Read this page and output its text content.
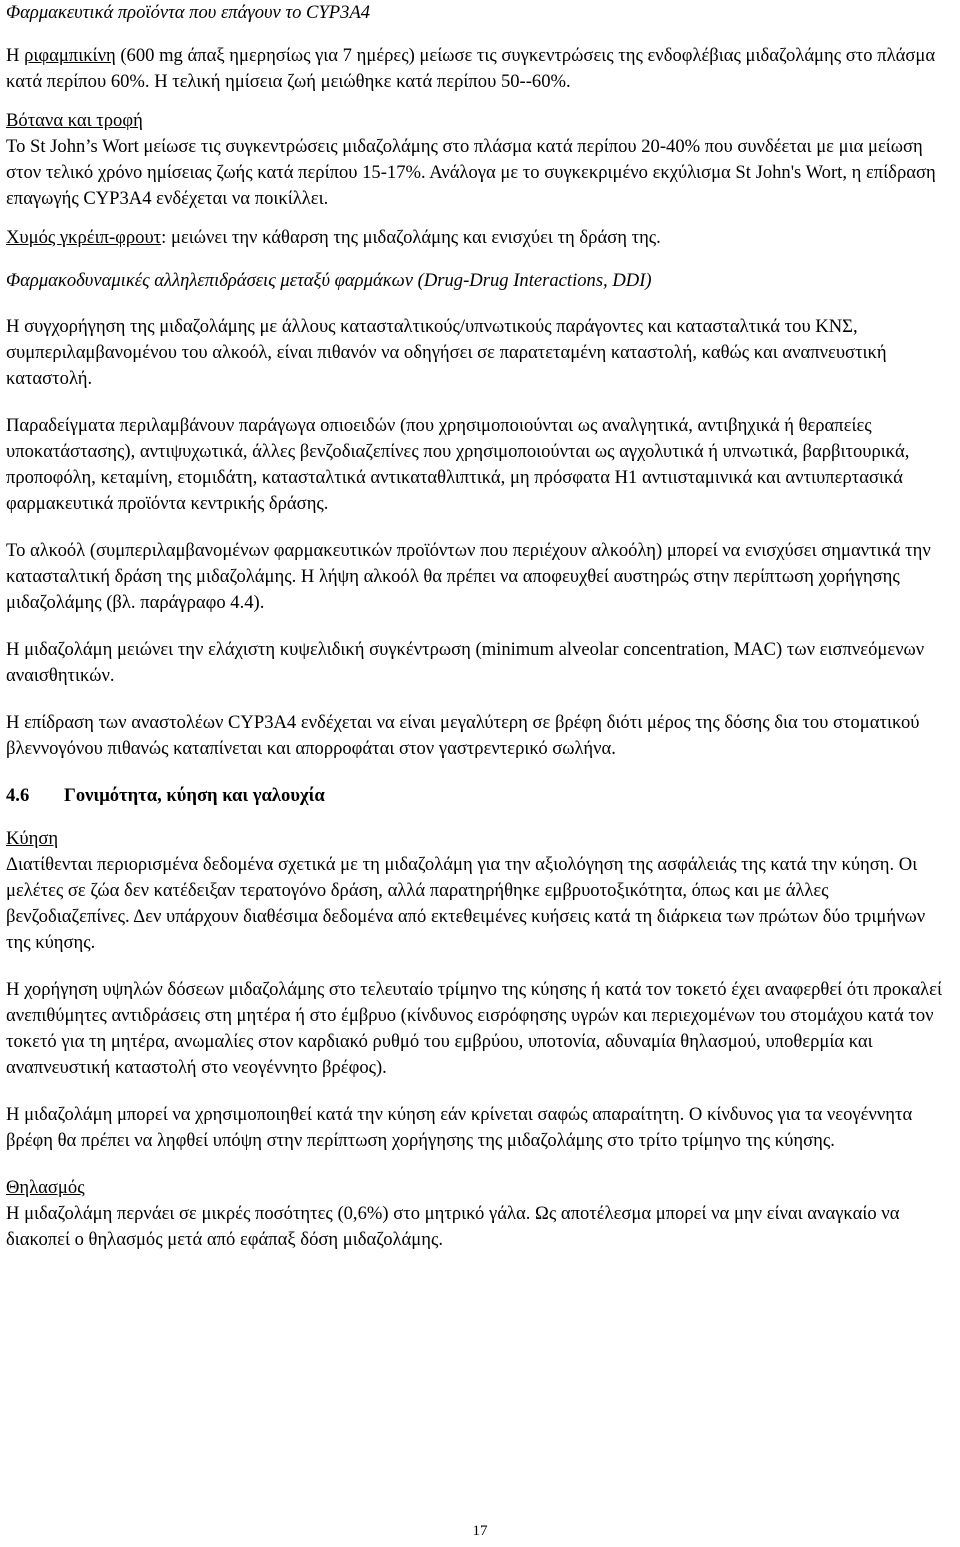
Φαρμακευτικά προϊόντα που επάγουν το CYP3A4

Η ριφαμπικίνη (600 mg άπαξ ημερησίως για 7 ημέρες) μείωσε τις συγκεντρώσεις της ενδοφλέβιας μιδαζολάμης στο πλάσμα κατά περίπου 60%. Η τελική ημίσεια ζωή μειώθηκε κατά περίπου 50--60%.

Βότανα και τροφή

Το St John’s Wort μείωσε τις συγκεντρώσεις μιδαζολάμης στο πλάσμα κατά περίπου 20-40% που συνδέεται με μια μείωση στον τελικό χρόνο ημίσειας ζωής κατά περίπου 15-17%. Ανάλογα με το συγκεκριμένο εκχύλισμα St John's Wort, η επίδραση επαγωγής CYP3A4 ενδέχεται να ποικίλλει.

Χυμός γκρέιπ-φρουτ: μειώνει την κάθαρση της μιδαζολάμης και ενισχύει τη δράση της.

Φαρμακοδυναμικές αλληλεπιδράσεις μεταξύ φαρμάκων (Drug-Drug Interactions, DDI)

Η συγχορήγηση της μιδαζολάμης με άλλους κατασταλτικούς/υπνωτικούς παράγοντες και κατασταλτικά του ΚΝΣ, συμπεριλαμβανομένου του αλκοόλ, είναι πιθανόν να οδηγήσει σε παρατεταμένη καταστολή, καθώς και αναπνευστική καταστολή.

Παραδείγματα περιλαμβάνουν παράγωγα οπιοειδών (που χρησιμοποιούνται ως αναλγητικά, αντιβηχικά ή θεραπείες υποκατάστασης), αντιψυχωτικά, άλλες βενζοδιαζεπίνες που χρησιμοποιούνται ως αγχολυτικά ή υπνωτικά, βαρβιτουρικά, προποφόλη, κεταμίνη, ετομιδάτη, κατασταλτικά αντικαταθλιπτικά, μη πρόσφατα Η1 αντιισταμινικά και αντιυπερτασικά φαρμακευτικά προϊόντα κεντρικής δράσης.

Το αλκοόλ (συμπεριλαμβανομένων φαρμακευτικών προϊόντων που περιέχουν αλκοόλη) μπορεί να ενισχύσει σημαντικά την κατασταλτική δράση της μιδαζολάμης. Η λήψη αλκοόλ θα πρέπει να αποφευχθεί αυστηρώς στην περίπτωση χορήγησης μιδαζολάμης (βλ. παράγραφο 4.4).

Η μιδαζολάμη μειώνει την ελάχιστη κυψελιδική συγκέντρωση (minimum alveolar concentration, MAC) των εισπνεόμενων αναισθητικών.

Η επίδραση των αναστολέων CYP3A4 ενδέχεται να είναι μεγαλύτερη σε βρέφη διότι μέρος της δόσης δια του στοματικού βλεννογόνου πιθανώς καταπίνεται και απορροφάται στον γαστρεντερικό σωλήνα.

4.6 Γονιμότητα, κύηση και γαλουχία

Κύηση

Διατίθενται περιορισμένα δεδομένα σχετικά με τη μιδαζολάμη για την αξιολόγηση της ασφάλειάς της κατά την κύηση. Οι μελέτες σε ζώα δεν κατέδειξαν τερατογόνο δράση, αλλά παρατηρήθηκε εμβρυοτοξικότητα, όπως και με άλλες βενζοδιαζεπίνες. Δεν υπάρχουν διαθέσιμα δεδομένα από εκτεθειμένες κυήσεις κατά τη διάρκεια των πρώτων δύο τριμήνων της κύησης.

Η χορήγηση υψηλών δόσεων μιδαζολάμης στο τελευταίο τρίμηνο της κύησης ή κατά τον τοκετό έχει αναφερθεί ότι προκαλεί ανεπιθύμητες αντιδράσεις στη μητέρα ή στο έμβρυο (κίνδυνος εισρόφησης υγρών και περιεχομένων του στομάχου κατά τον τοκετό για τη μητέρα, ανωμαλίες στον καρδιακό ρυθμό του εμβρύου, υποτονία, αδυναμία θηλασμού, υποθερμία και αναπνευστική καταστολή στο νεογέννητο βρέφος).

Η μιδαζολάμη μπορεί να χρησιμοποιηθεί κατά την κύηση εάν κρίνεται σαφώς απαραίτητη. Ο κίνδυνος για τα νεογέννητα βρέφη θα πρέπει να ληφθεί υπόψη στην περίπτωση χορήγησης της μιδαζολάμης στο τρίτο τρίμηνο της κύησης.

Θηλασμός

Η μιδαζολάμη περνάει σε μικρές ποσότητες (0,6%) στο μητρικό γάλα. Ως αποτέλεσμα μπορεί να μην είναι αναγκαίο να διακοπεί ο θηλασμός μετά από εφάπαξ δόση μιδαζολάμης.

17
